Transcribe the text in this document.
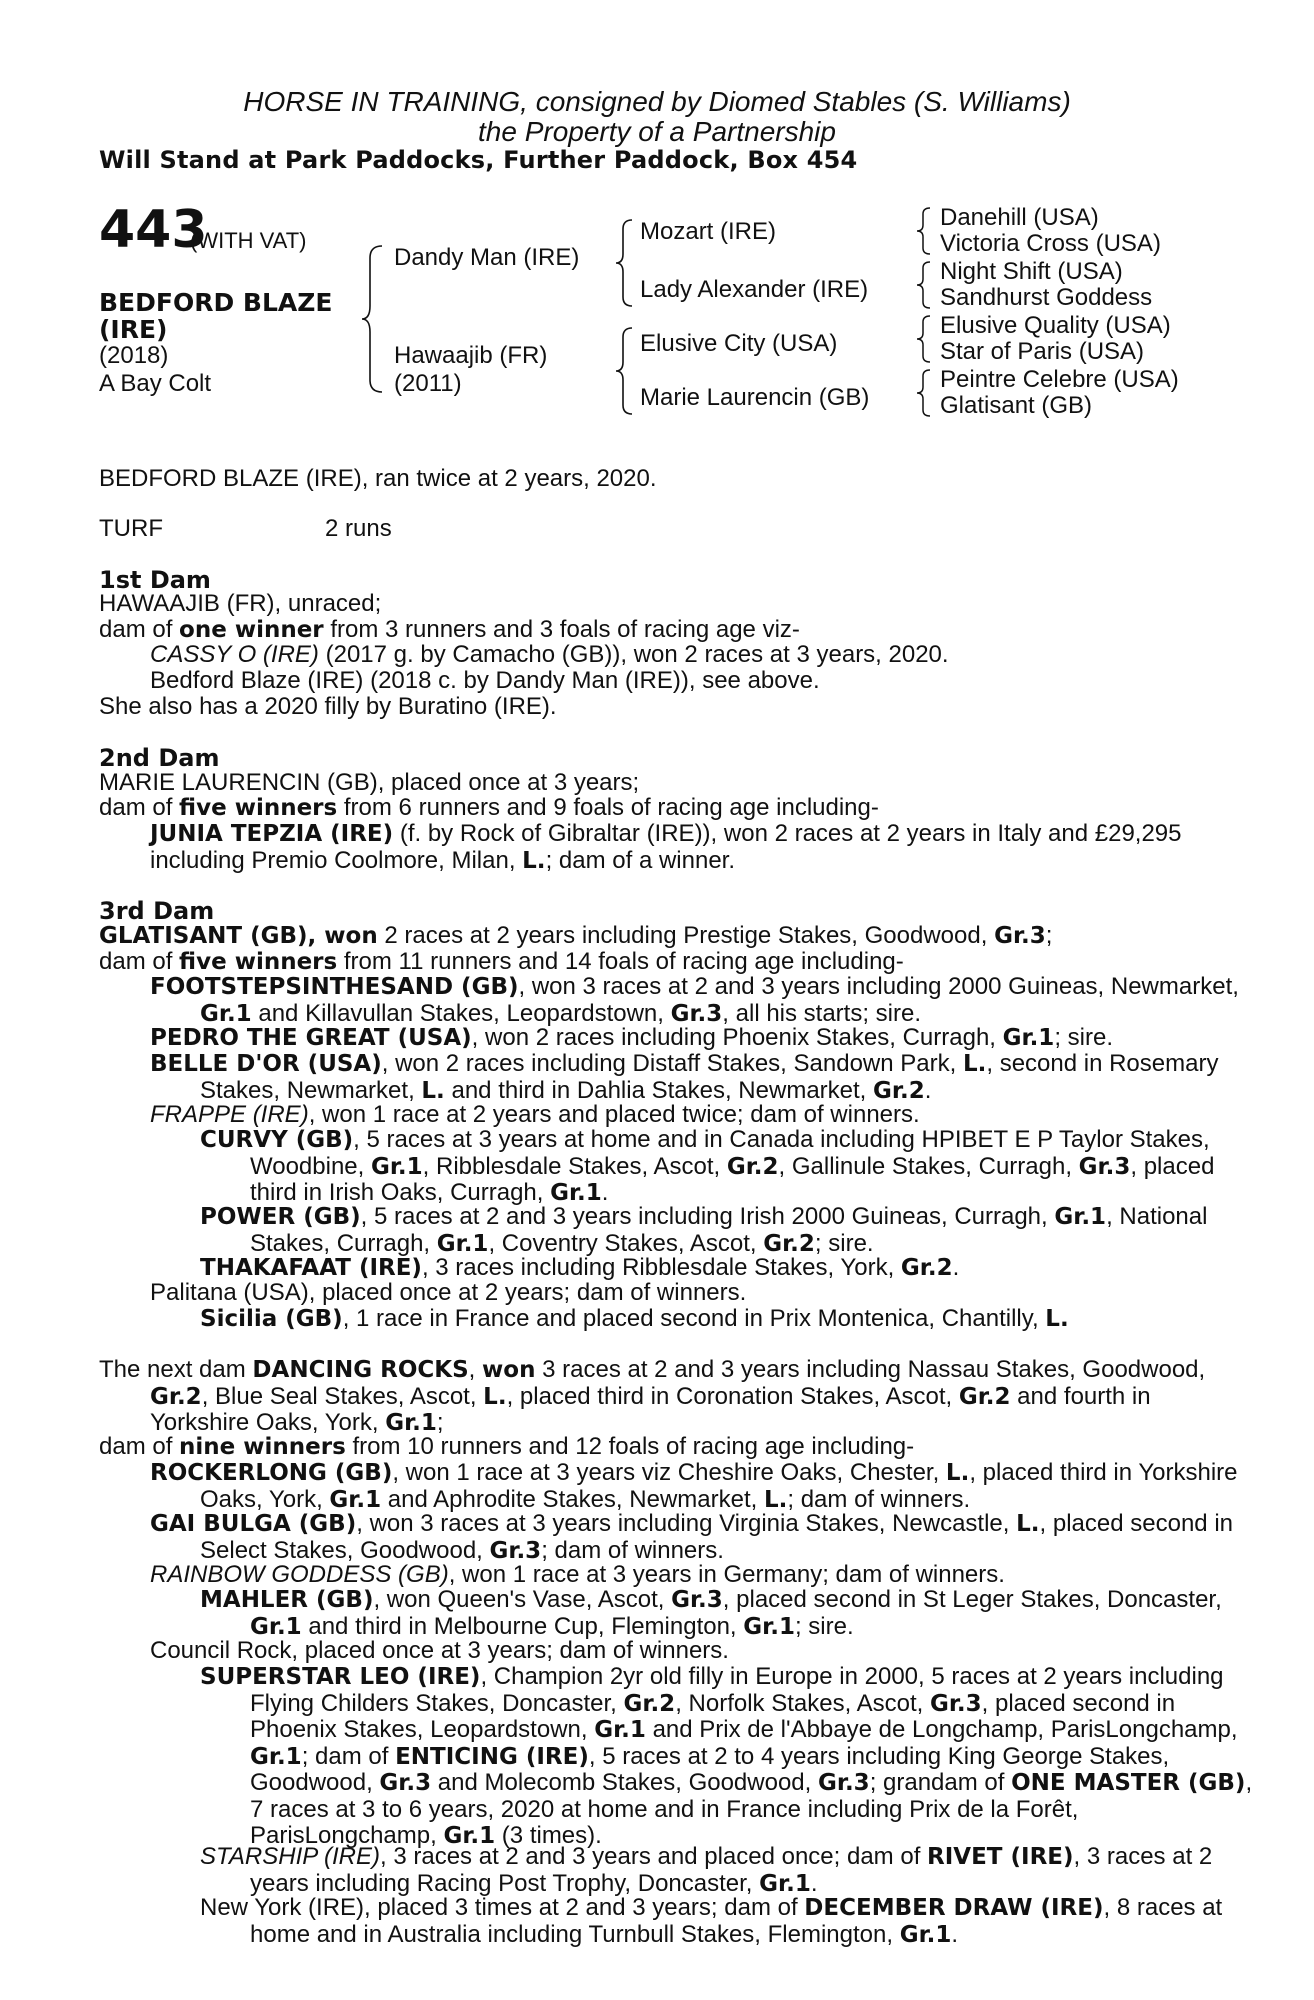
HORSE IN TRAINING, consigned by Diomed Stables (S. Williams)
the Property of a Partnership
Will Stand at Park Paddocks, Further Paddock, Box 454
443
(WITH VAT)
BEDFORD BLAZE
(IRE)
(2018)
A Bay Colt
Dandy Man (IRE)
Hawaajib (FR)
(2011)
Mozart (IRE)
Lady Alexander (IRE)
Elusive City (USA)
Marie Laurencin (GB)
Danehill (USA)
Victoria Cross (USA)
Night Shift (USA)
Sandhurst Goddess
Elusive Quality (USA)
Star of Paris (USA)
Peintre Celebre (USA)
Glatisant (GB)
BEDFORD BLAZE (IRE), ran twice at 2 years, 2020.
TURF	2 runs
1st Dam
HAWAAJIB (FR), unraced;
dam of one winner from 3 runners and 3 foals of racing age viz-
CASSY O (IRE) (2017 g. by Camacho (GB)), won 2 races at 3 years, 2020.
Bedford Blaze (IRE) (2018 c. by Dandy Man (IRE)), see above.
She also has a 2020 filly by Buratino (IRE).
2nd Dam
MARIE LAURENCIN (GB), placed once at 3 years;
dam of five winners from 6 runners and 9 foals of racing age including-
JUNIA TEPZIA (IRE) (f. by Rock of Gibraltar (IRE)), won 2 races at 2 years in Italy and £29,295 including Premio Coolmore, Milan, L.; dam of a winner.
3rd Dam
GLATISANT (GB), won 2 races at 2 years including Prestige Stakes, Goodwood, Gr.3;
dam of five winners from 11 runners and 14 foals of racing age including-
FOOTSTEPSINTHESAND (GB), won 3 races at 2 and 3 years including 2000 Guineas, Newmarket, Gr.1 and Killavullan Stakes, Leopardstown, Gr.3, all his starts; sire.
PEDRO THE GREAT (USA), won 2 races including Phoenix Stakes, Curragh, Gr.1; sire.
BELLE D'OR (USA), won 2 races including Distaff Stakes, Sandown Park, L., second in Rosemary Stakes, Newmarket, L. and third in Dahlia Stakes, Newmarket, Gr.2.
FRAPPE (IRE), won 1 race at 2 years and placed twice; dam of winners.
CURVY (GB), 5 races at 3 years at home and in Canada including HPIBET E P Taylor Stakes, Woodbine, Gr.1, Ribblesdale Stakes, Ascot, Gr.2, Gallinule Stakes, Curragh, Gr.3, placed third in Irish Oaks, Curragh, Gr.1.
POWER (GB), 5 races at 2 and 3 years including Irish 2000 Guineas, Curragh, Gr.1, National Stakes, Curragh, Gr.1, Coventry Stakes, Ascot, Gr.2; sire.
THAKAFAAT (IRE), 3 races including Ribblesdale Stakes, York, Gr.2.
Palitana (USA), placed once at 2 years; dam of winners.
Sicilia (GB), 1 race in France and placed second in Prix Montenica, Chantilly, L.
The next dam DANCING ROCKS, won 3 races at 2 and 3 years including Nassau Stakes, Goodwood, Gr.2, Blue Seal Stakes, Ascot, L., placed third in Coronation Stakes, Ascot, Gr.2 and fourth in Yorkshire Oaks, York, Gr.1;
dam of nine winners from 10 runners and 12 foals of racing age including-
ROCKERLONG (GB), won 1 race at 3 years viz Cheshire Oaks, Chester, L., placed third in Yorkshire Oaks, York, Gr.1 and Aphrodite Stakes, Newmarket, L.; dam of winners.
GAI BULGA (GB), won 3 races at 3 years including Virginia Stakes, Newcastle, L., placed second in Select Stakes, Goodwood, Gr.3; dam of winners.
RAINBOW GODDESS (GB), won 1 race at 3 years in Germany; dam of winners.
MAHLER (GB), won Queen's Vase, Ascot, Gr.3, placed second in St Leger Stakes, Doncaster, Gr.1 and third in Melbourne Cup, Flemington, Gr.1; sire.
Council Rock, placed once at 3 years; dam of winners.
SUPERSTAR LEO (IRE), Champion 2yr old filly in Europe in 2000, 5 races at 2 years including Flying Childers Stakes, Doncaster, Gr.2, Norfolk Stakes, Ascot, Gr.3, placed second in Phoenix Stakes, Leopardstown, Gr.1 and Prix de l'Abbaye de Longchamp, ParisLongchamp, Gr.1; dam of ENTICING (IRE), 5 races at 2 to 4 years including King George Stakes, Goodwood, Gr.3 and Molecomb Stakes, Goodwood, Gr.3; grandam of ONE MASTER (GB), 7 races at 3 to 6 years, 2020 at home and in France including Prix de la Forêt, ParisLongchamp, Gr.1 (3 times).
STARSHIP (IRE), 3 races at 2 and 3 years and placed once; dam of RIVET (IRE), 3 races at 2 years including Racing Post Trophy, Doncaster, Gr.1.
New York (IRE), placed 3 times at 2 and 3 years; dam of DECEMBER DRAW (IRE), 8 races at home and in Australia including Turnbull Stakes, Flemington, Gr.1.
